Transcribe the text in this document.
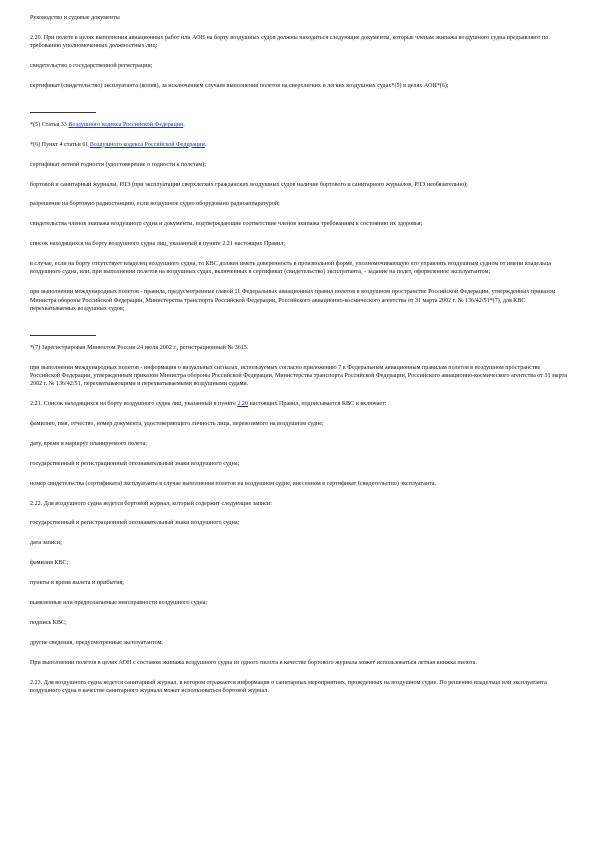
Руководство и судовые документы

2.20. При полете в целях выполнения авиационных работ или АОН на борту воздушных судов должны находиться следующие документы, которые членам экипажа воздушного судна предъявляют по требованию уполномоченных должностных лиц:

свидетельство о государственной регистрации;

сертификат (свидетельство) эксплуатанта (копия), за исключением случаев выполнения полетов на сверхлегких и легких воздушных судах*(5) в целях АОН*(6);

*(5) Статья 33 Воздушного кодекса Российской Федерации.

*(6) Пункт 4 статьи 61 Воздушного кодекса Российской Федерации.

сертификат летной годности (удостоверение о годности к полетам);

бортовой и санитарный журналы, РЛЭ (при эксплуатации сверхлегких гражданских воздушных судов наличие бортового и санитарного журналов, РЛЭ необязательно);

разрешение на бортовую радиостанцию, если воздушное судно оборудовано радиоаппаратурой;

свидетельства членов экипажа воздушного судна и документы, подтверждающие соответствие членов экипажа требованиям к состоянию их здоровья;

список находящихся на борту воздушного судна лиц, указанный в пункте 2.21 настоящих Правил;

в случае, если на борту отсутствует владелец воздушного судна, то КВС должен иметь доверенность в произвольной форме, уполномочивающую его управлять воздушным судном от имени владельца воздушного судна, или, при выполнении полетов на воздушных судах, включенных в сертификат (свидетельство) эксплуатанта, - задание на полет, оформленное эксплуатантом;

при выполнении международных полетов - правила, предусмотренные главой 11 Федеральных авиационных правил полетов в воздушном пространстве Российской Федерации, утвержденных приказом Министра обороны Российской Федерации, Министерства транспорта Российской Федерации, Российского авиационно-космического агентства от 31 марта 2002 г. № 136/42/51*(7), для КВС перехватываемых воздушных судов;

*(7) Зарегистрирован Минюстом России 24 июля 2002 г., регистрационный № 3615.

при выполнении международных полетов - информация о визуальных сигналах, используемых согласно приложению 7 к Федеральным авиационным правилам полетов в воздушном пространстве Российской Федерации, утвержденным приказом Министра обороны Российской Федерации, Министерства транспорта Российской Федерации, Российского авиационно-космического агентства от 31 марта 2002 г. № 136/42/51, перехватывающими и перехватываемыми воздушными судами.

2.21. Список находящихся на борту воздушного судна лиц, указанный в пункте 2.20 настоящих Правил, подписывается КВС и включает:

фамилию, имя, отчество, номер документа, удостоверяющего личность лица, перевозимого на воздушном судне;

дату, время и маршрут планируемого полета;

государственный и регистрационный опознавательный знаки воздушного судна;

номер свидетельства (сертификата) эксплуатанта в случае выполнения полетов на воздушном судне, внесенном в сертификат (свидетельство) эксплуатанта.

2.22. Для воздушного судна ведется бортовой журнал, который содержит следующие записи:

государственный и регистрационный опознавательный знаки воздушного судна;

дата записи;

фамилия КВС;

пункты и время вылета и прибытия;

выявленные или предполагаемые неисправности воздушного судна;

подпись КВС;

другие сведения, предусмотренные эксплуатантом.

При выполнении полетов в целях АОН с составом экипажа воздушного судна из одного пилота в качестве бортового журнала может использоваться летная книжка пилота.

2.23. Для воздушного судна ведется санитарный журнал, в котором отражается информация о санитарных мероприятиях, проведенных на воздушном судне. По решению владельца или эксплуатанта воздушного судна в качестве санитарного журнала может использоваться бортовой журнал.
